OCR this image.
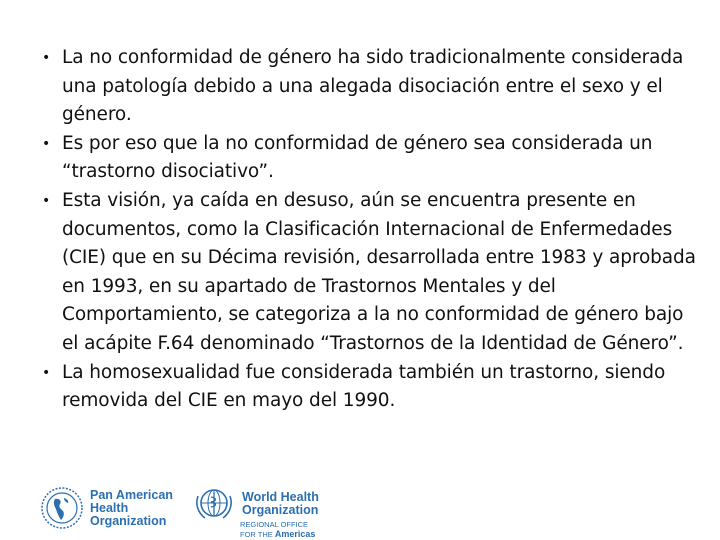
• La no conformidad de género ha sido tradicionalmente considerada una patología debido a una alegada disociación entre el sexo y el género.
• Es por eso que la no conformidad de género sea considerada un “trastorno disociativo”.
• Esta visión, ya caída en desuso, aún se encuentra presente en documentos, como la Clasificación Internacional de Enfermedades (CIE) que en su Décima revisión, desarrollada entre 1983 y aprobada en 1993, en su apartado de Trastornos Mentales y del Comportamiento, se categoriza a la no conformidad de género bajo el acápite F.64 denominado “Trastornos de la Identidad de Género”.
• La homosexualidad fue considerada también un trastorno, siendo removida del CIE en mayo del 1990.
Pan American
Health
Organization
World Health
Organization
REGIONAL OFFICE FOR THE Americas
